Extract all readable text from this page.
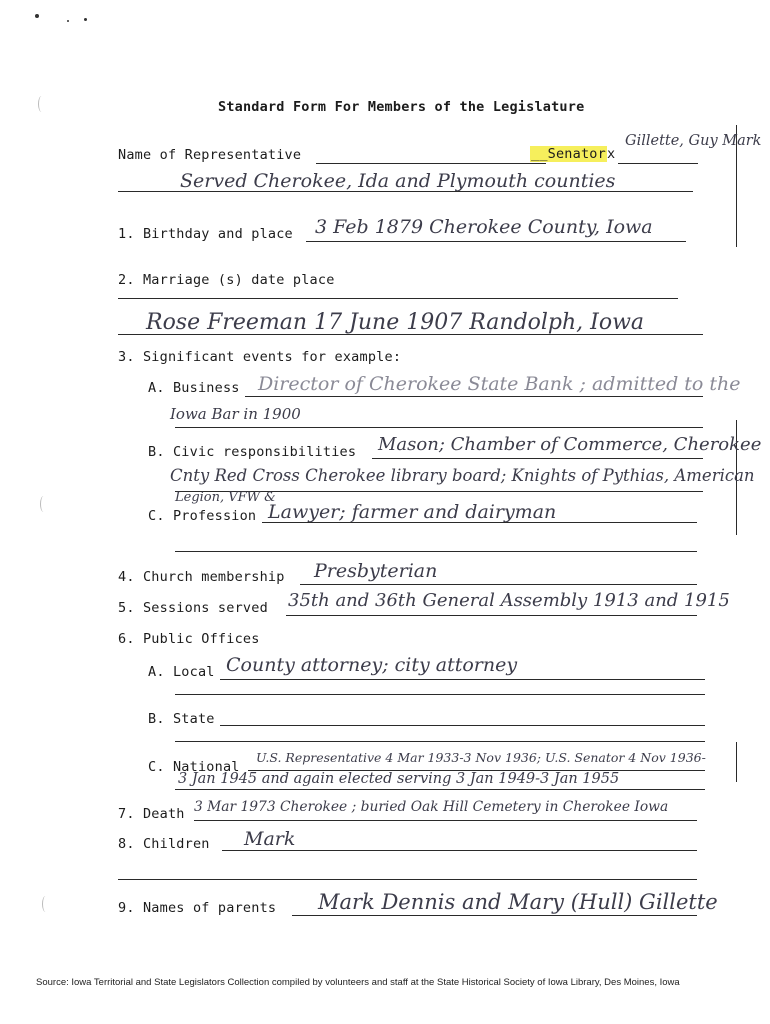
Standard Form For Members of the Legislature
Name of Representative	__Senatorx
Gillette, Guy Mark
Served Cherokee, Ida and Plymouth counties
1. Birthday and place 3 Feb 1879 Cherokee County, Iowa
2. Marriage (s) date place
Rose Freeman 17 June 1907 Randolph, Iowa
3. Significant events for example:
A. Business Director of Cherokee State Bank ; admitted to the
Iowa Bar in 1900
B. Civic responsibilities Mason; Chamber of Commerce, Cherokee
Cnty Red Cross Cherokee library board; Knights of Pythias, American
Legion, VFW &
C. Profession Lawyer; farmer and dairyman
4. Church membership Presbyterian
5. Sessions served 35th and 36th General Assembly 1913 and 1915
6. Public Offices
A. Local County attorney; city attorney
B. State
C. National
U.S. Representative 4 Mar 1933-3 Nov 1936; U.S. Senator 4 Nov 1936-
3 Jan 1945 and again elected serving 3 Jan 1949-3 Jan 1955
7. Death 3 Mar 1973 Cherokee ; buried Oak Hill Cemetery in Cherokee Iowa
8. Children Mark
9. Names of parents Mark Dennis and Mary (Hull) Gillette
Source: Iowa Territorial and State Legislators Collection compiled by volunteers and staff at the State Historical Society of Iowa Library, Des Moines, Iowa
